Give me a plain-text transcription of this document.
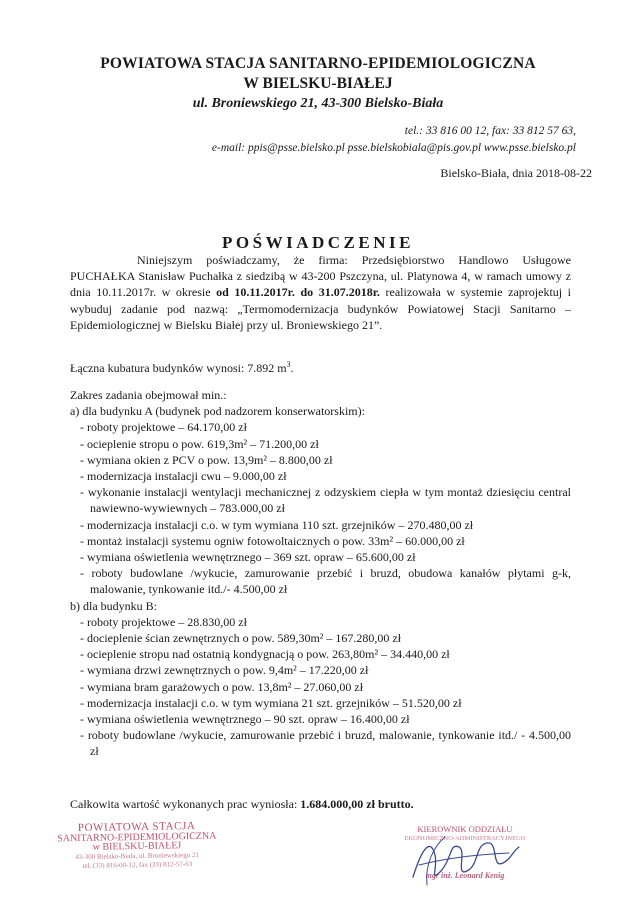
POWIATOWA STACJA SANITARNO-EPIDEMIOLOGICZNA
W BIELSKU-BIAŁEJ
ul. Broniewskiego 21, 43-300 Bielsko-Biała
tel.: 33 816 00 12, fax: 33 812 57 63,
e-mail: ppis@psse.bielsko.pl psse.bielskobiala@pis.gov.pl www.psse.bielsko.pl
Bielsko-Biała, dnia 2018-08-22
POŚWIADCZENIE
Niniejszym poświadczamy, że firma: Przedsiębiorstwo Handlowo Usługowe PUCHAŁKA Stanisław Puchałka z siedzibą w 43-200 Pszczyna, ul. Platynowa 4, w ramach umowy z dnia 10.11.2017r. w okresie od 10.11.2017r. do 31.07.2018r. realizowała w systemie zaprojektuj i wybuduj zadanie pod nazwą: „Termomodernizacja budynków Powiatowej Stacji Sanitarno – Epidemiologicznej w Bielsku Białej przy ul. Broniewskiego 21”.
Łączna kubatura budynków wynosi: 7.892 $m^3$.
Zakres zadania obejmował min.:
a) dla budynku A (budynek pod nadzorem konserwatorskim):
- roboty projektowe – 64.170,00 zł
- ocieplenie stropu o pow. 619,3m² – 71.200,00 zł
- wymiana okien z PCV o pow. 13,9m² – 8.800,00 zł
- modernizacja instalacji cwu – 9.000,00 zł
- wykonanie instalacji wentylacji mechanicznej z odzyskiem ciepła w tym montaż dziesięciu central nawiewno-wywiewnych – 783.000,00 zł
- modernizacja instalacji c.o. w tym wymiana 110 szt. grzejników – 270.480,00 zł
- montaż instalacji systemu ogniw fotowoltaicznych o pow. 33m² – 60.000,00 zł
- wymiana oświetlenia wewnętrznego – 369 szt. opraw – 65.600,00 zł
- roboty budowlane /wykucie, zamurowanie przebić i bruzd, obudowa kanałów płytami g-k, malowanie, tynkowanie itd./- 4.500,00 zł
b) dla budynku B:
- roboty projektowe – 28.830,00 zł
- docieplenie ścian zewnętrznych o pow. 589,30m² – 167.280,00 zł
- ocieplenie stropu nad ostatnią kondygnacją o pow. 263,80m² – 34.440,00 zł
- wymiana drzwi zewnętrznych o pow. 9,4m² – 17.220,00 zł
- wymiana bram garażowych o pow. 13,8m² – 27.060,00 zł
- modernizacja instalacji c.o. w tym wymiana 21 szt. grzejników – 51.520,00 zł
- wymiana oświetlenia wewnętrznego – 90 szt. opraw – 16.400,00 zł
- roboty budowlane /wykucie, zamurowanie przebić i bruzd, malowanie, tynkowanie itd./ - 4.500,00 zł
Całkowita wartość wykonanych prac wyniosła: 1.684.000,00 zł brutto.
POWIATOWA STACJA
SANITARNO-EPIDEMIOLOGICZNA
w BIELSKU-BIAŁEJ
43-300 Bielsko-Biała, ul. Broniewskiego 21
tel. (33) 816-00-12, fax (33) 812-57-63
KIEROWNIK ODDZIAŁU
EKONOMICZNO-ADMINISTRACYJNEGO
mgr inż. Leonard Kenig
